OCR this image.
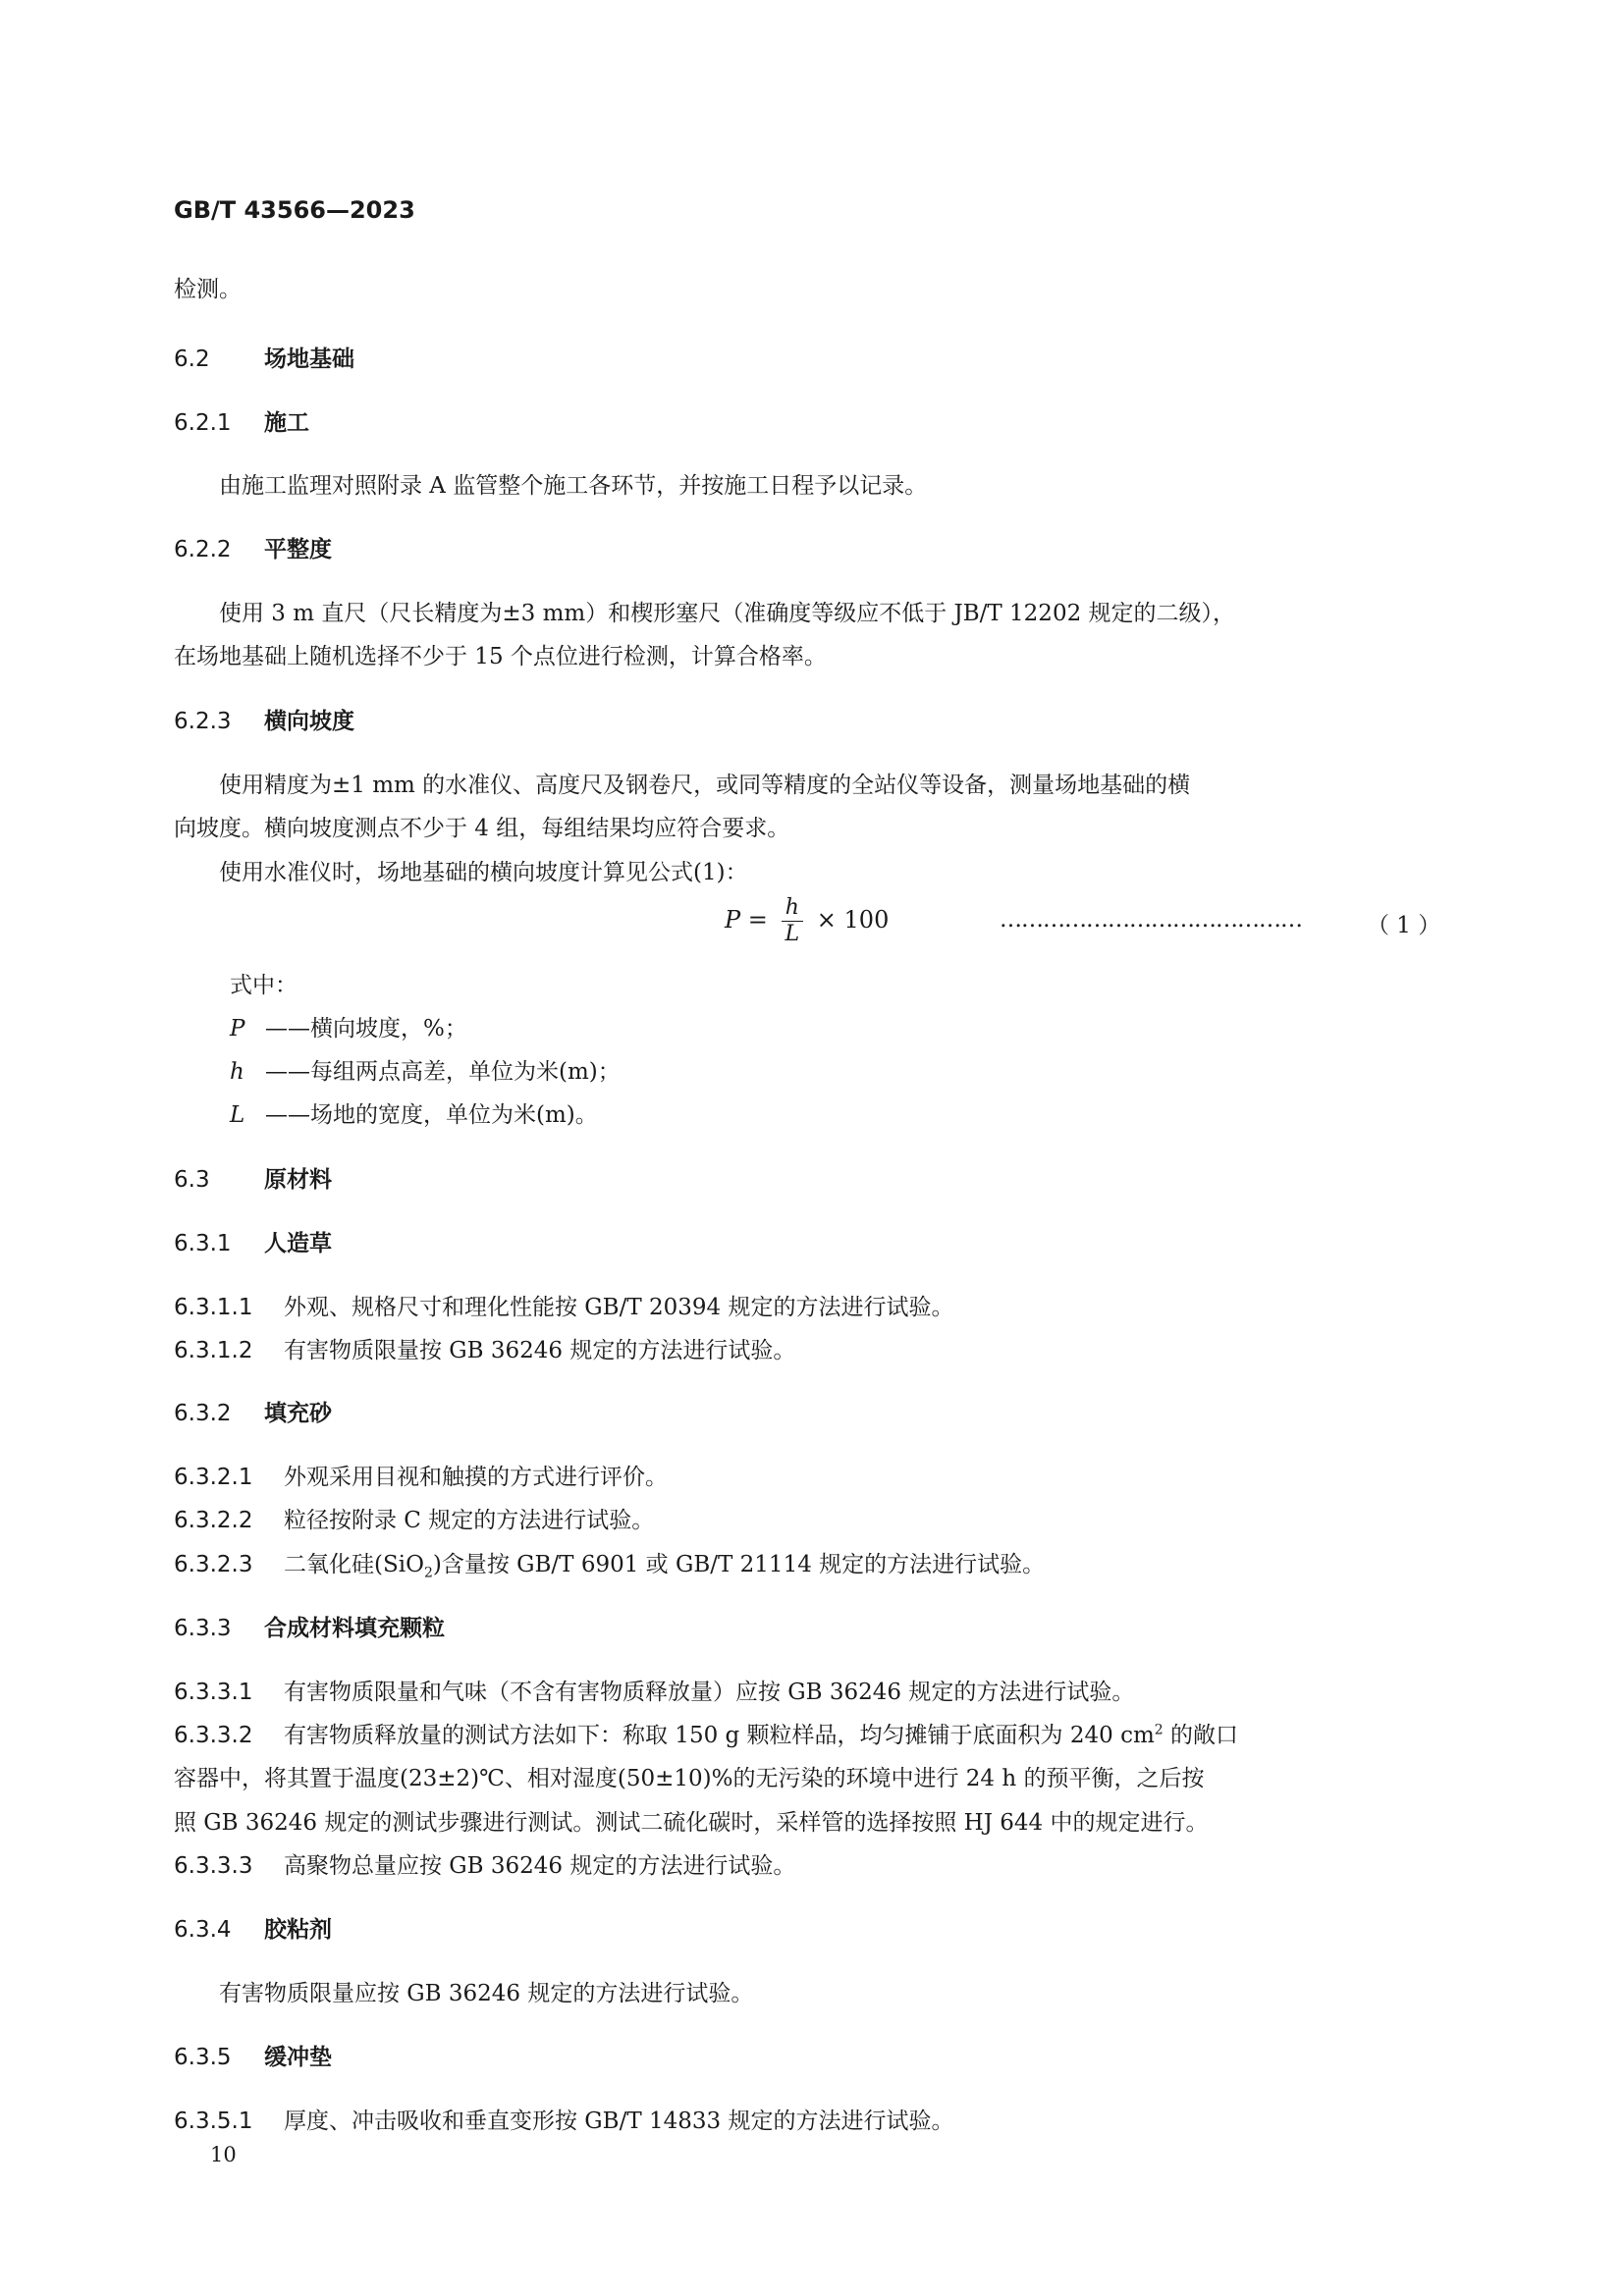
GB/T 43566—2023
检测。
6.2 场地基础
6.2.1 施工
由施工监理对照附录 A 监管整个施工各环节，并按施工日程予以记录。
6.2.2 平整度
使用 3 m 直尺（尺长精度为±3 mm）和楔形塞尺（准确度等级应不低于 JB/T 12202 规定的二级），
在场地基础上随机选择不少于 15 个点位进行检测，计算合格率。
6.2.3 横向坡度
使用精度为±1 mm 的水准仪、高度尺及钢卷尺，或同等精度的全站仪等设备，测量场地基础的横
向坡度。横向坡度测点不少于 4 组，每组结果均应符合要求。
使用水准仪时，场地基础的横向坡度计算见公式(1)：
$P = \frac{h}{L} \times 100$	……………………………………	（ 1 ）
式中：
P ——横向坡度，%；
h ——每组两点高差，单位为米(m)；
L ——场地的宽度，单位为米(m)。
6.3 原材料
6.3.1 人造草
6.3.1.1 外观、规格尺寸和理化性能按 GB/T 20394 规定的方法进行试验。
6.3.1.2 有害物质限量按 GB 36246 规定的方法进行试验。
6.3.2 填充砂
6.3.2.1 外观采用目视和触摸的方式进行评价。
6.3.2.2 粒径按附录 C 规定的方法进行试验。
6.3.2.3 二氧化硅(SiO$_2$)含量按 GB/T 6901 或 GB/T 21114 规定的方法进行试验。
6.3.3 合成材料填充颗粒
6.3.3.1 有害物质限量和气味（不含有害物质释放量）应按 GB 36246 规定的方法进行试验。
6.3.3.2 有害物质释放量的测试方法如下：称取 150 g 颗粒样品，均匀摊铺于底面积为 240 $cm^2$ 的敞口
容器中，将其置于温度(23±2)℃、相对湿度(50±10)%的无污染的环境中进行 24 h 的预平衡，之后按
照 GB 36246 规定的测试步骤进行测试。测试二硫化碳时，采样管的选择按照 HJ 644 中的规定进行。
6.3.3.3 高聚物总量应按 GB 36246 规定的方法进行试验。
6.3.4 胶粘剂
有害物质限量应按 GB 36246 规定的方法进行试验。
6.3.5 缓冲垫
6.3.5.1 厚度、冲击吸收和垂直变形按 GB/T 14833 规定的方法进行试验。
10
